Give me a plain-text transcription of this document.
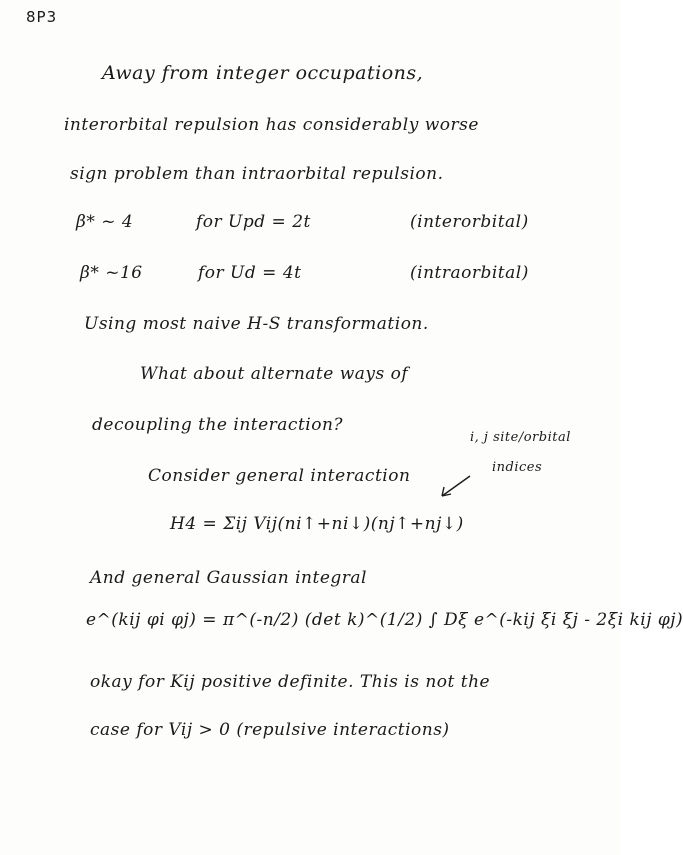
8P3
Away from integer occupations,
interorbital repulsion has considerably worse
sign problem than intraorbital repulsion.
β* ~ 4	for Upd = 2t	(interorbital)
β* ~16	for Ud = 4t	(intraorbital)
Using most naive H-S transformation.
What about alternate ways of
decoupling the interaction?
i, j site/orbital
indices
Consider general interaction
H4 = Σij Vij(ni↑+ni↓)(nj↑+nj↓)
And general Gaussian integral
e^(kij φi φj) = π^(-n/2) (det k)^(1/2) ∫ Dξ e^(-kij ξi ξj - 2ξi kij φj)
okay for Kij positive definite. This is not the
case for Vij > 0 (repulsive interactions)
